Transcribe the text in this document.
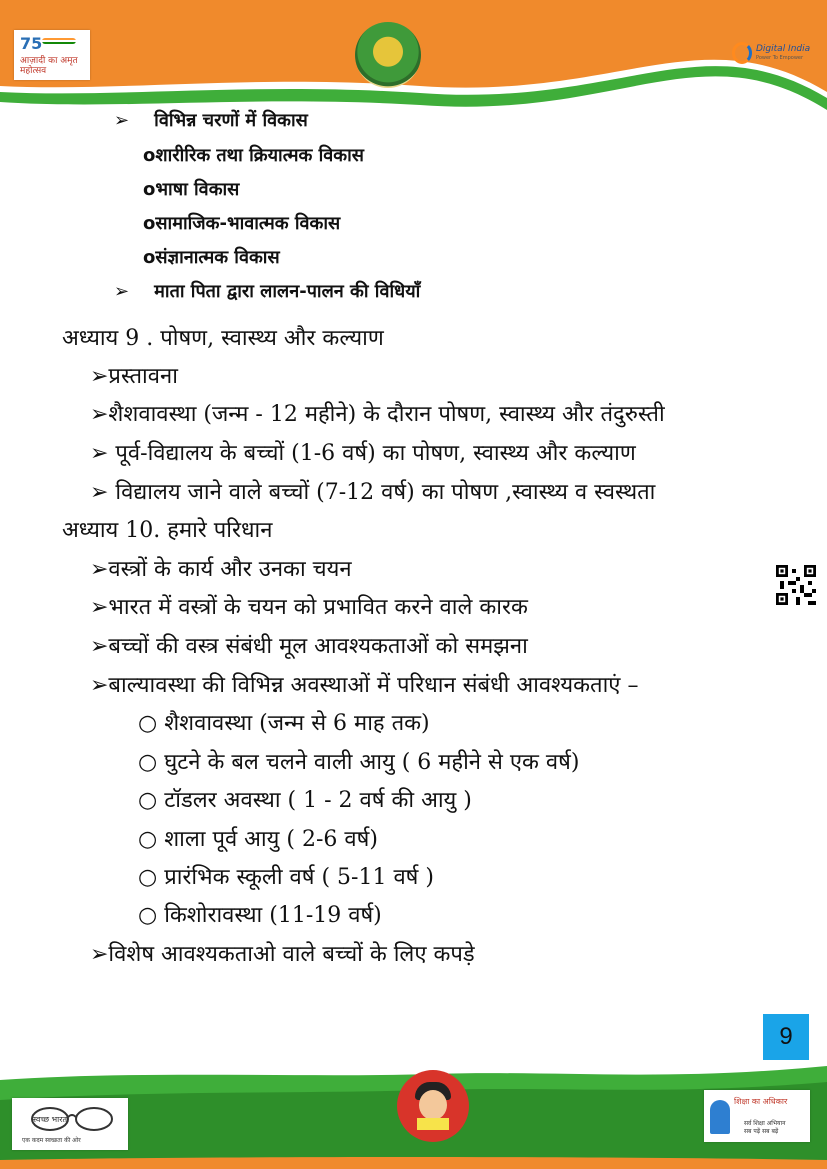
75
आज़ादी का अमृत महोत्सव
Digital India
Power To Empower
➢ विभिन्न चरणों में विकास
oशारीरिक तथा क्रियात्मक विकास
oभाषा विकास
oसामाजिक-भावात्मक विकास
oसंज्ञानात्मक विकास
➢ माता पिता द्वारा लालन-पालन की विधियाँ
अध्याय 9 . पोषण, स्वास्थ्य और कल्याण
➢प्रस्तावना
➢शैशवावस्था (जन्म - 12 महीने) के दौरान पोषण, स्वास्थ्य और तंदुरुस्ती
➢ पूर्व-विद्यालय के बच्चों (1-6 वर्ष) का पोषण, स्वास्थ्य और कल्याण
➢ विद्यालय जाने वाले बच्चों (7-12 वर्ष) का पोषण ,स्वास्थ्य व स्वस्थता
अध्याय 10. हमारे परिधान
➢वस्त्रों के कार्य और उनका चयन
➢भारत में वस्त्रों के चयन को प्रभावित करने वाले कारक
➢बच्चों की वस्त्र संबंधी मूल आवश्यकताओं को समझना
➢बाल्यावस्था की विभिन्न अवस्थाओं में परिधान संबंधी आवश्यकताएं –
○ शैशवावस्था (जन्म से 6 माह तक)
○ घुटने के बल चलने वाली आयु ( 6 महीने से एक वर्ष)
○ टॉडलर अवस्था ( 1 - 2 वर्ष की आयु )
○ शाला पूर्व आयु ( 2-6 वर्ष)
○ प्रारंभिक स्कूली वर्ष ( 5-11 वर्ष )
○ किशोरावस्था (11-19 वर्ष)
➢विशेष आवश्यकताओ वाले बच्चों के लिए कपड़े
9
स्वच्छ भारत
एक कदम स्वच्छता की ओर
शिक्षा का अधिकार
सर्व शिक्षा अभियान
सब पढ़ें सब बढ़ें
